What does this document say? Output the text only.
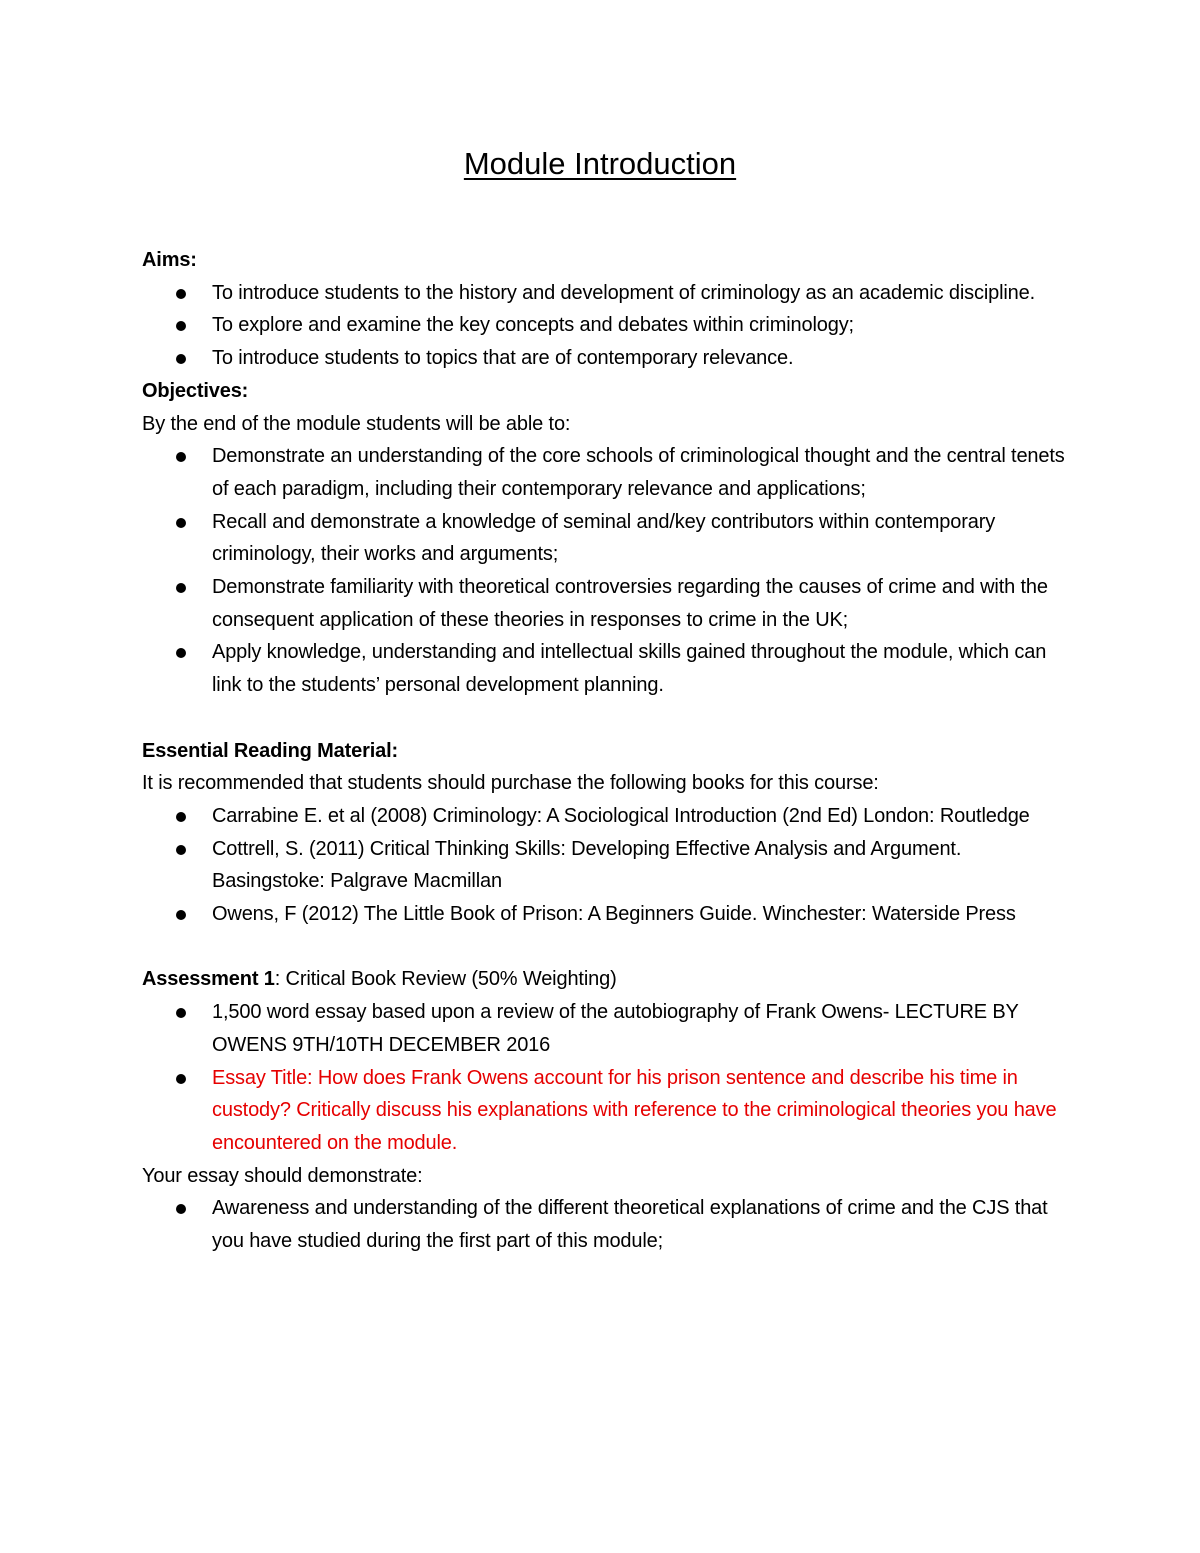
Module Introduction
Aims:
To introduce students to the history and development of criminology as an academic discipline.
To explore and examine the key concepts and debates within criminology;
To introduce students to topics that are of contemporary relevance.
Objectives:
By the end of the module students will be able to:
Demonstrate an understanding of the core schools of criminological thought and the central tenets of each paradigm, including their contemporary relevance and applications;
Recall and demonstrate a knowledge of seminal and/key contributors within contemporary criminology, their works and arguments;
Demonstrate familiarity with theoretical controversies regarding the causes of crime and with the consequent application of these theories in responses to crime in the UK;
Apply knowledge, understanding and intellectual skills gained throughout the module, which can link to the students’ personal development planning.
Essential Reading Material:
It is recommended that students should purchase the following books for this course:
Carrabine E. et al (2008) Criminology: A Sociological Introduction (2nd Ed) London: Routledge
Cottrell, S. (2011) Critical Thinking Skills: Developing Effective Analysis and Argument. Basingstoke: Palgrave Macmillan
Owens, F (2012) The Little Book of Prison: A Beginners Guide. Winchester: Waterside Press
Assessment 1: Critical Book Review (50% Weighting)
1,500 word essay based upon a review of the autobiography of Frank Owens- LECTURE BY OWENS 9TH/10TH DECEMBER 2016
Essay Title: How does Frank Owens account for his prison sentence and describe his time in custody? Critically discuss his explanations with reference to the criminological theories you have encountered on the module.
Your essay should demonstrate:
Awareness and understanding of the different theoretical explanations of crime and the CJS that you have studied during the first part of this module;
